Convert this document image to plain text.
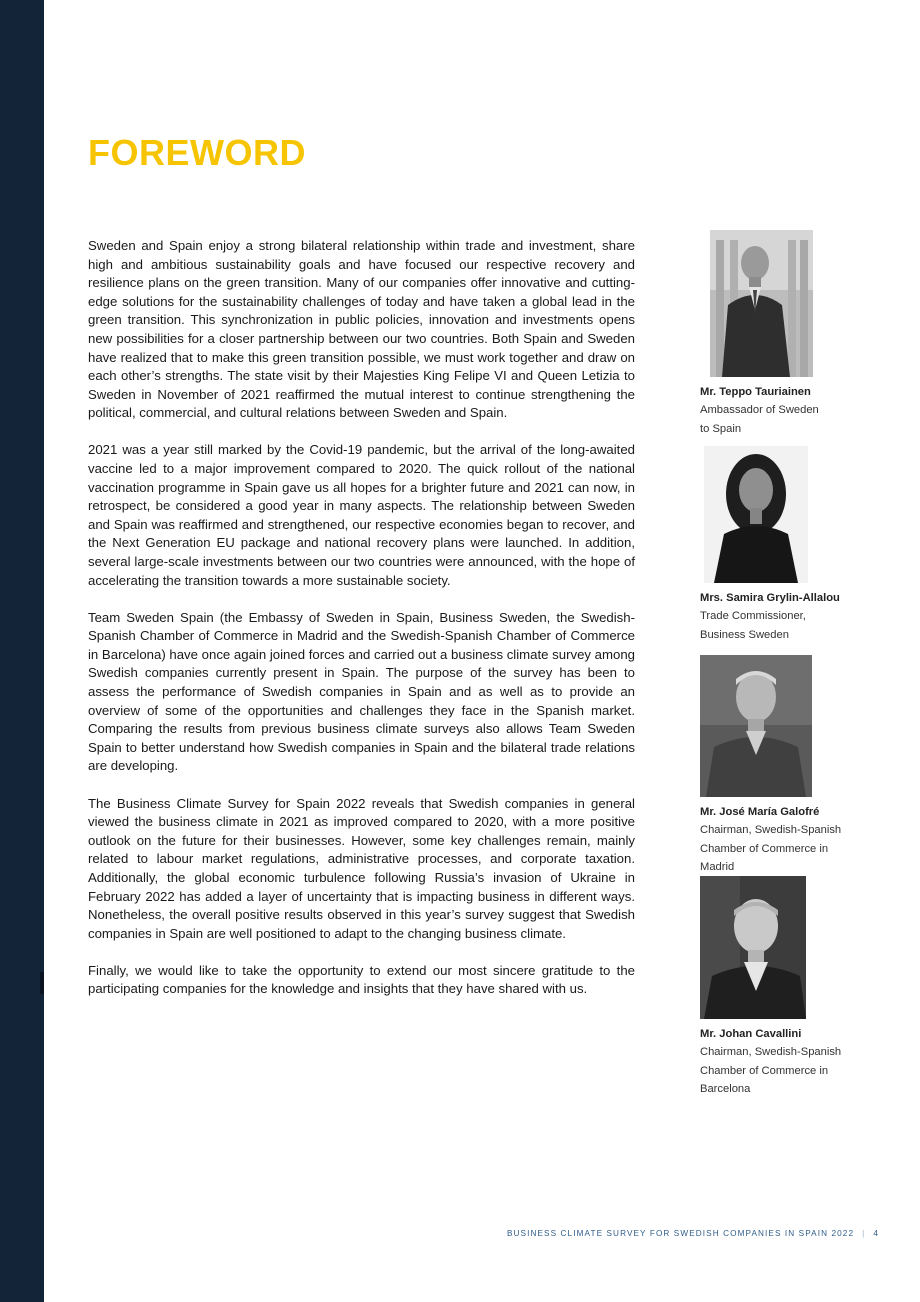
FOREWORD

Sweden and Spain enjoy a strong bilateral relationship within trade and investment, share high and ambitious sustainability goals and have focused our respective recovery and resilience plans on the green transition. Many of our companies offer innovative and cutting-edge solutions for the sustainability challenges of today and have taken a global lead in the green transition. This synchronization in public policies, innovation and investments opens new possibilities for a closer partnership between our two countries. Both Spain and Sweden have realized that to make this green transition possible, we must work together and draw on each other’s strengths. The state visit by their Majesties King Felipe VI and Queen Letizia to Sweden in November of 2021 reaffirmed the mutual interest to continue strengthening the political, commercial, and cultural relations between Sweden and Spain.

2021 was a year still marked by the Covid-19 pandemic, but the arrival of the long-awaited vaccine led to a major improvement compared to 2020. The quick rollout of the national vaccination programme in Spain gave us all hopes for a brighter future and 2021 can now, in retrospect, be considered a good year in many aspects. The relationship between Sweden and Spain was reaffirmed and strengthened, our respective economies began to recover, and the Next Generation EU package and national recovery plans were launched. In addition, several large-scale investments between our two countries were announced, with the hope of accelerating the transition towards a more sustainable society.

Team Sweden Spain (the Embassy of Sweden in Spain, Business Sweden, the Swedish-Spanish Chamber of Commerce in Madrid and the Swedish-Spanish Chamber of Commerce in Barcelona) have once again joined forces and carried out a business climate survey among Swedish companies currently present in Spain. The purpose of the survey has been to assess the performance of Swedish companies in Spain and as well as to provide an overview of some of the opportunities and challenges they face in the Spanish market. Comparing the results from previous business climate surveys also allows Team Sweden Spain to better understand how Swedish companies in Spain and the bilateral trade relations are developing.

The Business Climate Survey for Spain 2022 reveals that Swedish companies in general viewed the business climate in 2021 as improved compared to 2020, with a more positive outlook on the future for their businesses. However, some key challenges remain, mainly related to labour market regulations, administrative processes, and corporate taxation. Additionally, the global economic turbulence following Russia’s invasion of Ukraine in February 2022 has added a layer of uncertainty that is impacting business in different ways. Nonetheless, the overall positive results observed in this year’s survey suggest that Swedish companies in Spain are well positioned to adapt to the changing business climate.

Finally, we would like to take the opportunity to extend our most sincere gratitude to the participating companies for the knowledge and insights that they have shared with us.

Mr. Teppo Tauriainen
Ambassador of Sweden
to Spain
Mrs. Samira Grylin-Allalou
Trade Commissioner,
Business Sweden
Mr. José María Galofré
Chairman, Swedish-Spanish
Chamber of Commerce in
Madrid
Mr. Johan Cavallini
Chairman, Swedish-Spanish
Chamber of Commerce in
Barcelona
BUSINESS CLIMATE SURVEY FOR SWEDISH COMPANIES IN SPAIN 2022 | 4
